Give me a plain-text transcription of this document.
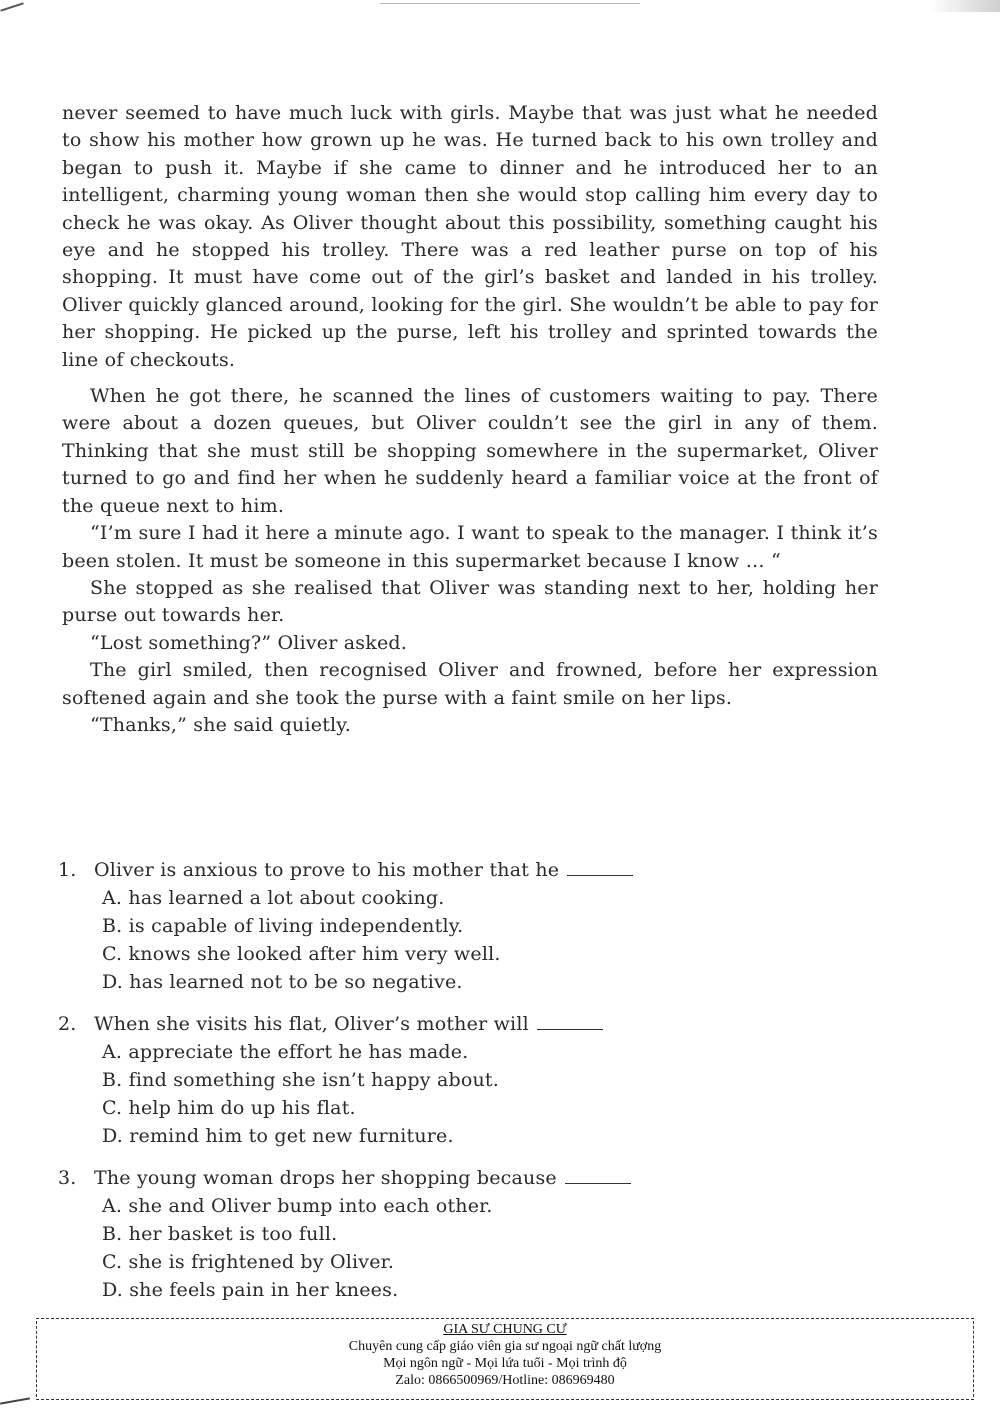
never seemed to have much luck with girls. Maybe that was just what he needed to show his mother how grown up he was. He turned back to his own trolley and began to push it. Maybe if she came to dinner and he introduced her to an intelligent, charming young woman then she would stop calling him every day to check he was okay. As Oliver thought about this possibility, something caught his eye and he stopped his trolley. There was a red leather purse on top of his shopping. It must have come out of the girl’s basket and landed in his trolley. Oliver quickly glanced around, looking for the girl. She wouldn’t be able to pay for her shopping. He picked up the purse, left his trolley and sprinted towards the line of checkouts.

When he got there, he scanned the lines of customers waiting to pay. There were about a dozen queues, but Oliver couldn’t see the girl in any of them. Thinking that she must still be shopping somewhere in the supermarket, Oliver turned to go and find her when he suddenly heard a familiar voice at the front of the queue next to him.

“I’m sure I had it here a minute ago. I want to speak to the manager. I think it’s been stolen. It must be someone in this supermarket because I know … “

She stopped as she realised that Oliver was standing next to her, holding her purse out towards her.

“Lost something?” Oliver asked.

The girl smiled, then recognised Oliver and frowned, before her expression softened again and she took the purse with a faint smile on her lips.

“Thanks,” she said quietly.

1. Oliver is anxious to prove to his mother that he
A. has learned a lot about cooking.
B. is capable of living independently.
C. knows she looked after him very well.
D. has learned not to be so negative.
2. When she visits his flat, Oliver’s mother will
A. appreciate the effort he has made.
B. find something she isn’t happy about.
C. help him do up his flat.
D. remind him to get new furniture.
3. The young woman drops her shopping because
A. she and Oliver bump into each other.
B. her basket is too full.
C. she is frightened by Oliver.
D. she feels pain in her knees.
GIA SƯ CHUNG CƯ
Chuyên cung cấp giáo viên gia sư ngoại ngữ chất lượng
Mọi ngôn ngữ - Mọi lứa tuổi - Mọi trình độ
Zalo: 0866500969/Hotline: 086969480
